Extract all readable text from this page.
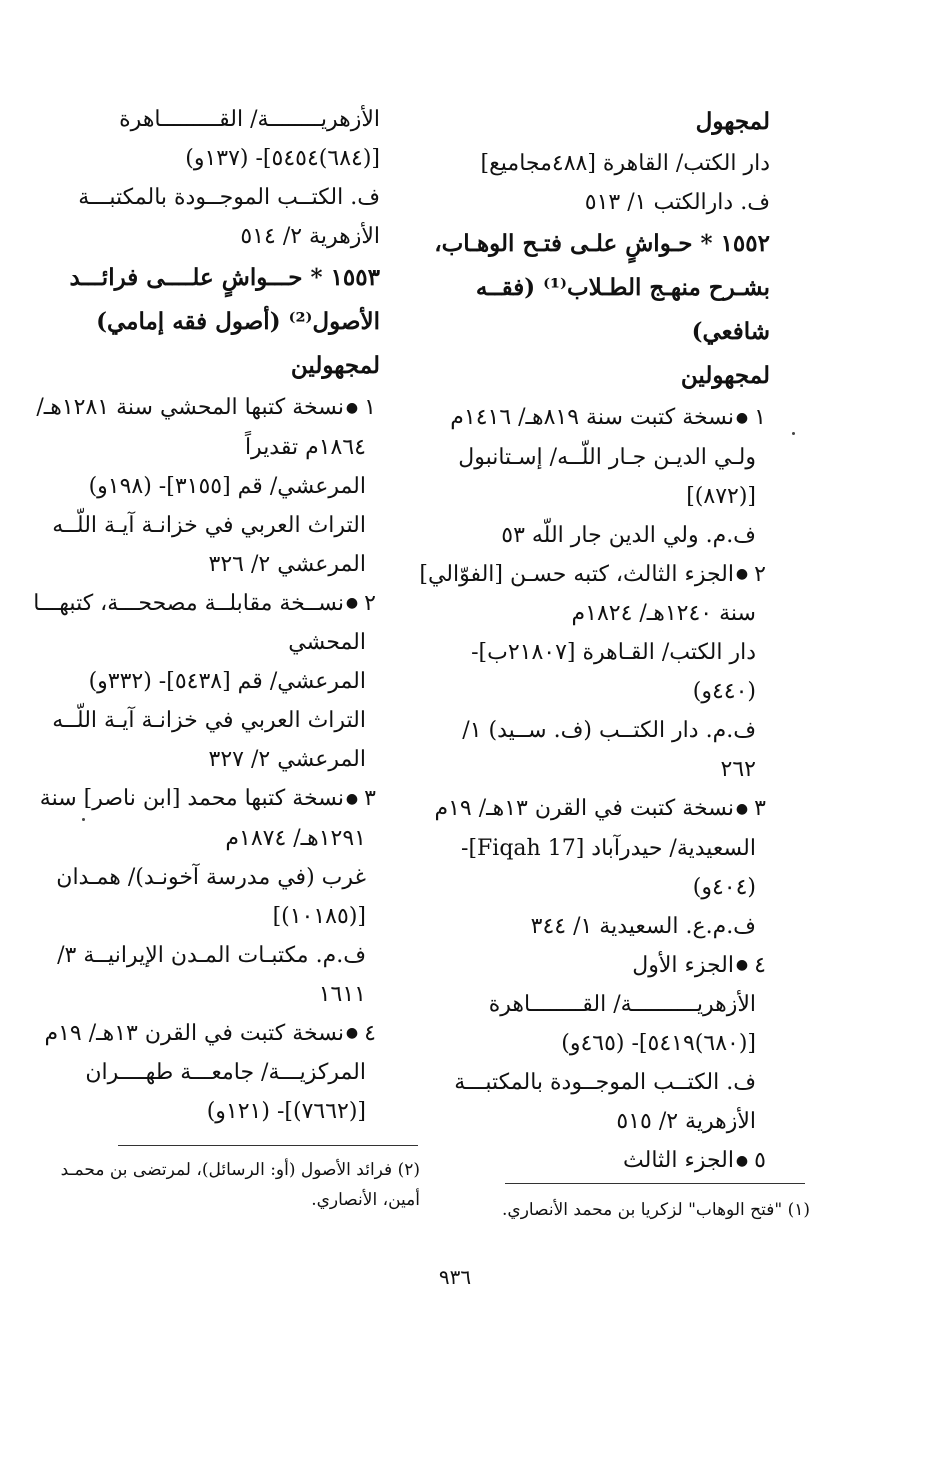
لمجهول
دار الكتب/ القاهرة [٤٨٨مجاميع]
ف. دارالكتب ١/ ٥١٣
١٥٥٢ * حـواشٍ علـى فتـح الوهـاب،
بشـرح منهـج الطـلاب⁽¹⁾ (فقــه
شافعي)
لمجهولين
١●نسخة كتبت سنة ٨١٩هـ/ ١٤١٦م
ولـي الديـن جـار اللّــه/ إسـتانبول
[(٨٧٢)]
ف.م. ولي الدين جار اللّه ٥٣
٢●الجزء الثالث، كتبه حسـن [الفوّالي]
سنة ١٢٤٠هـ/ ١٨٢٤م
دار الكتب/ القـاهرة [٢١٨٠٧ب]-
(٤٤٠و)
ف.م. دار الكتــب (ف. ســيد) ١/
٢٦٢
٣●نسخة كتبت في القرن ١٣هـ/ ١٩م
السعيدية/ حيدرآباد [Fiqah 17]-
(٤٠٤و)
ف.م.ع. السعيدية ١/ ٣٤٤
٤●الجزء الأول
الأزهريــــــــــة/ القــــــــاهرة
[(٦٨٠)٥٤١٩]- (٤٦٥و)
ف. الكتــب الموجــودة بالمكتبـــة
الأزهرية ٢/ ٥١٥
٥●الجزء الثالث
الأزهريــــــــة/ القـــــــــاهرة
[(٦٨٤)٥٤٥٤]- (١٣٧و)
ف. الكتــب الموجــودة بالمكتبـــة
الأزهرية ٢/ ٥١٤
١٥٥٣ * حـــواشٍ علــــى فرائـــد
الأصول⁽²⁾ (أصول فقه إمامي)
لمجهولين
١●نسخة كتبها المحشي سنة ١٢٨١هـ/
١٨٦٤م تقديراً
المرعشي/ قم [٣١٥٥]- (١٩٨و)
التراث العربي في خزانـة آيـة اللّــه
المرعشي ٢/ ٣٢٦
٢●نســخة مقابلــة مصححـــة، كتبهـــا
المحشي
المرعشي/ قم [٥٤٣٨]- (٣٣٢و)
التراث العربي في خزانـة آيـة اللّــه
المرعشي ٢/ ٣٢٧
٣●نسخة كتبها محمد [ابن ناصر] سنة
١٢٩١هـ/ ١٨٧٤م
غرب (في مدرسة آخونـد)/ همـدان
[(١٠١٨٥)]
ف.م. مكتبـات المـدن الإيرانيــة ٣/
١٦١١
٤●نسخة كتبت في القرن ١٣هـ/ ١٩م
المركزيـــة/ جامعـــة طهــــران
[(٧٦٦٢)]- (١٢١و)
(٢) فرائد الأصول (أو: الرسائل)، لمرتضى بن محمـد
أمين، الأنصاري.	(١) "فتح الوهاب" لزكريا بن محمد الأنصاري.
٩٣٦
